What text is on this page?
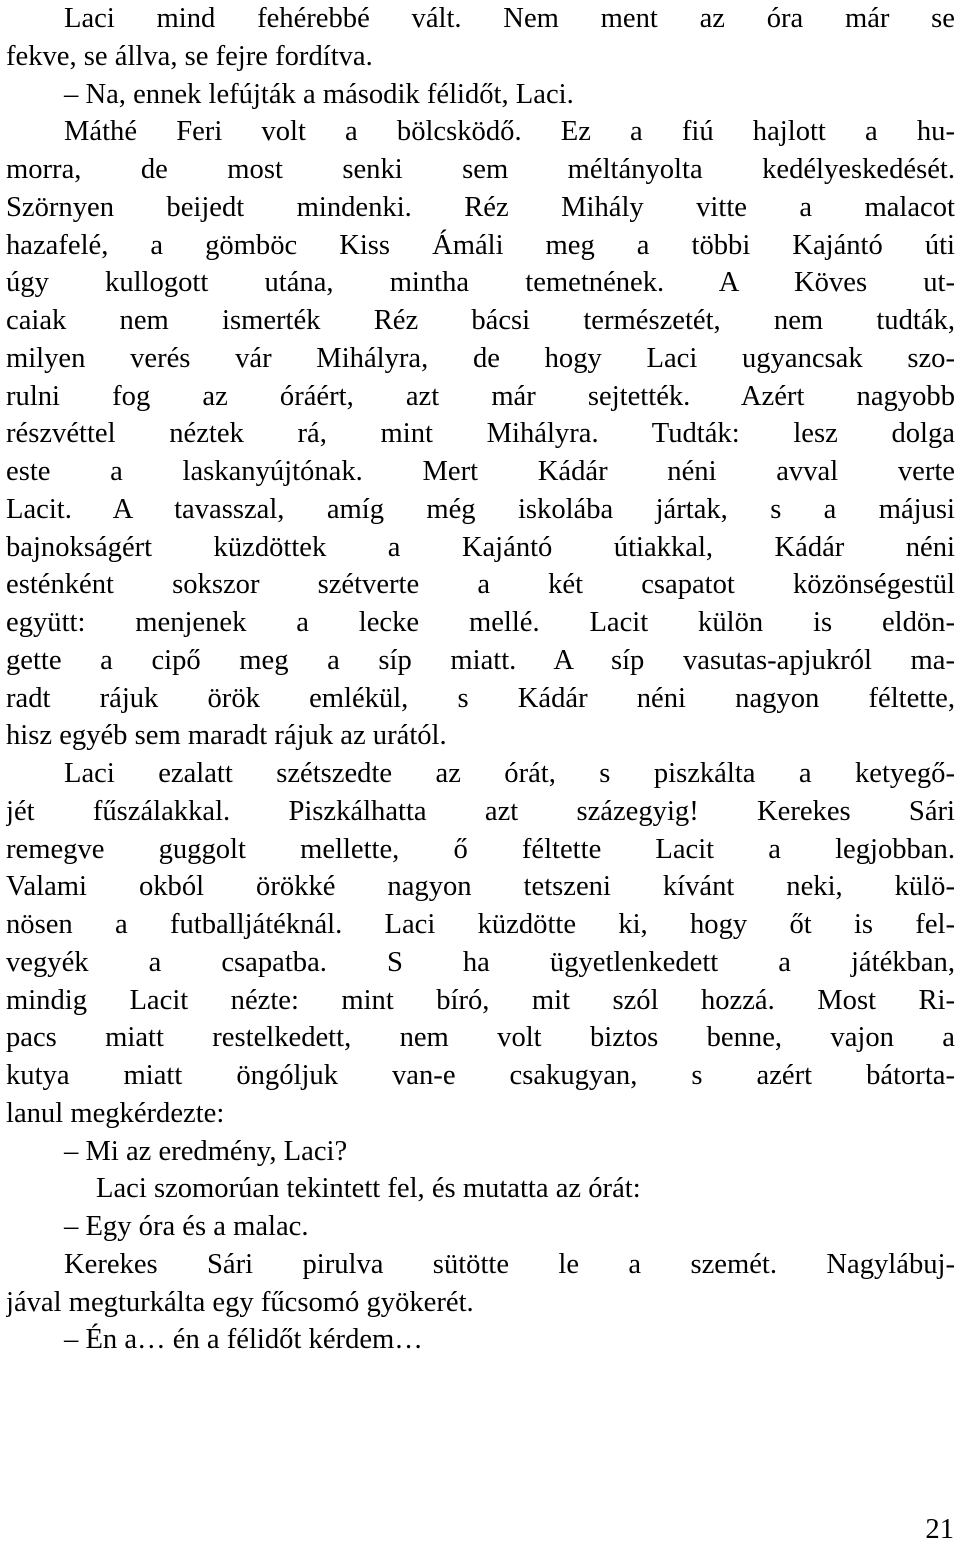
Laci mind fehérebbé vált. Nem ment az óra már se
fekve, se állva, se fejre fordítva.
– Na, ennek lefújták a második félidőt, Laci.
Máthé Feri volt a bölcsködő. Ez a fiú hajlott a hu-
morra, de most senki sem méltányolta kedélyeskedését.
Szörnyen beijedt mindenki. Réz Mihály vitte a malacot
hazafelé, a gömböc Kiss Ámáli meg a többi Kajántó úti
úgy kullogott utána, mintha temetnének. A Köves ut-
caiak nem ismerték Réz bácsi természetét, nem tudták,
milyen verés vár Mihályra, de hogy Laci ugyancsak szo-
rulni fog az óráért, azt már sejtették. Azért nagyobb
részvéttel néztek rá, mint Mihályra. Tudták: lesz dolga
este a laskanyújtónak. Mert Kádár néni avval verte
Lacit. A tavasszal, amíg még iskolába jártak, s a májusi
bajnokságért küzdöttek a Kajántó útiakkal, Kádár néni
esténként sokszor szétverte a két csapatot közönségestül
együtt: menjenek a lecke mellé. Lacit külön is eldön-
gette a cipő meg a síp miatt. A síp vasutas-apjukról ma-
radt rájuk örök emlékül, s Kádár néni nagyon féltette,
hisz egyéb sem maradt rájuk az urától.
Laci ezalatt szétszedte az órát, s piszkálta a ketyegő-
jét fűszálakkal. Piszkálhatta azt százegyig! Kerekes Sári
remegve guggolt mellette, ő féltette Lacit a legjobban.
Valami okból örökké nagyon tetszeni kívánt neki, külö-
nösen a futballjátéknál. Laci küzdötte ki, hogy őt is fel-
vegyék a csapatba. S ha ügyetlenkedett a játékban,
mindig Lacit nézte: mint bíró, mit szól hozzá. Most Ri-
pacs miatt restelkedett, nem volt biztos benne, vajon a
kutya miatt öngóljuk van-e csakugyan, s azért bátorta-
lanul megkérdezte:
– Mi az eredmény, Laci?
Laci szomorúan tekintett fel, és mutatta az órát:
– Egy óra és a malac.
Kerekes Sári pirulva sütötte le a szemét. Nagylábuj-
jával megturkálta egy fűcsomó gyökerét.
– Én a… én a félidőt kérdem…
21
